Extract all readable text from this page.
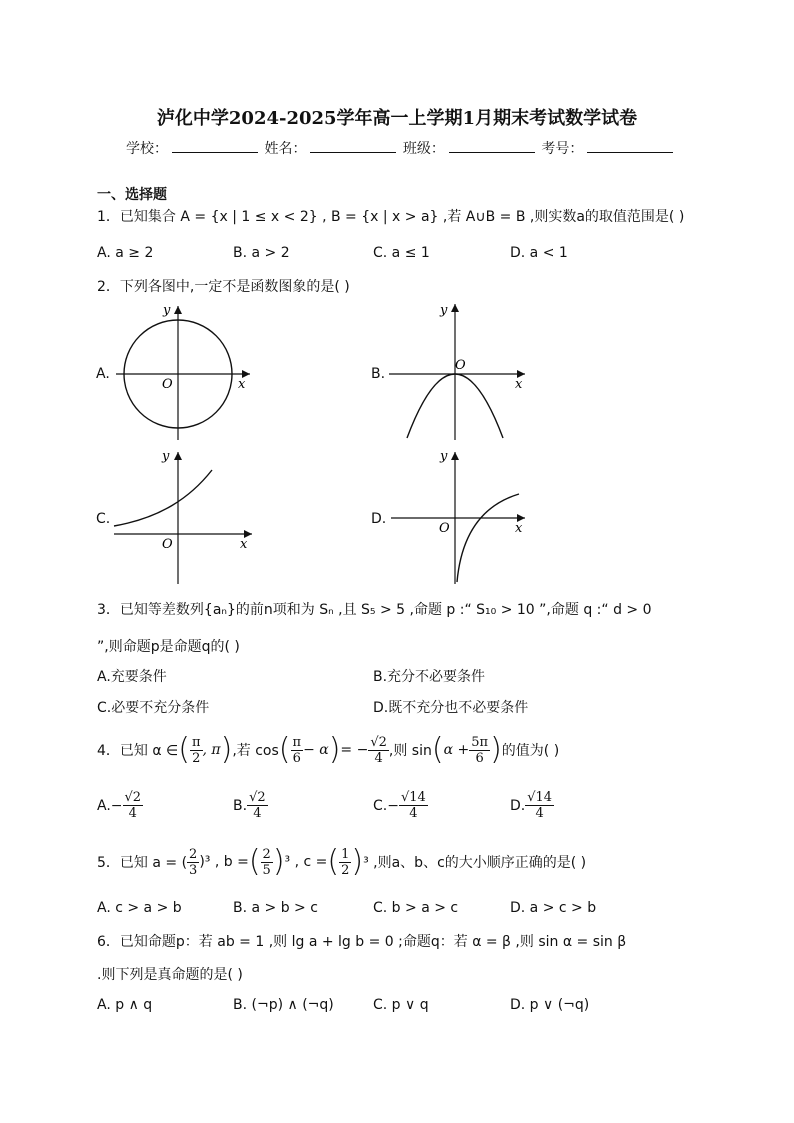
泸化中学2024-2025学年高一上学期1月期末考试数学试卷
学校：	姓名：	班级：	考号：
一、选择题
1．已知集合 A = {x | 1 ≤ x < 2} , B = {x | x > a} ,若 A∪B = B ,则实数a的取值范围是( )
A. a ≥ 2	B. a > 2	C. a ≤ 1	D. a < 1
2．下列各图中,一定不是函数图象的是( )
A.
x
y
O
B.
x
y
O
C.
x
y
O
D.
x
y
O
3．已知等差数列{aₙ}的前n项和为 Sₙ ,且 S₅ > 5 ,命题 p :“ S₁₀ > 10 ”,命题 q :“ d > 0
”,则命题p是命题q的( )
A.充要条件	B.充分不必要条件
C.必要不充分条件	D.既不充分也不必要条件
4．已知 α ∈ ( $\frac{\pi}{2}$ , π ) ,若 cos ( $\frac{\pi}{6} - \alpha$ ) = − $\frac{√2}{4}$ ,则 sin ( $\alpha + \frac{5\pi}{6}$ ) 的值为( )
A. − $\frac{√2}{4}$	B. $\frac{√2}{4}$	C. − $\frac{√14}{4}$	D. $\frac{√14}{4}$
5．已知 a = ( $\frac{2}{3} )^3$ , b = ( $\frac{2}{5}$ ) ³ , c = ( $\frac{1}{2}$ ) ³ ,则a、b、c的大小顺序正确的是( )
A. c > a > b	B. a > b > c	C. b > a > c	D. a > c > b
6．已知命题p：若 ab = 1 ,则 lg a + lg b = 0 ;命题q：若 α = β ,则 sin α = sin β
.则下列是真命题的是( )
A. p ∧ q	B. (¬p) ∧ (¬q)	C. p ∨ q	D. p ∨ (¬q)
